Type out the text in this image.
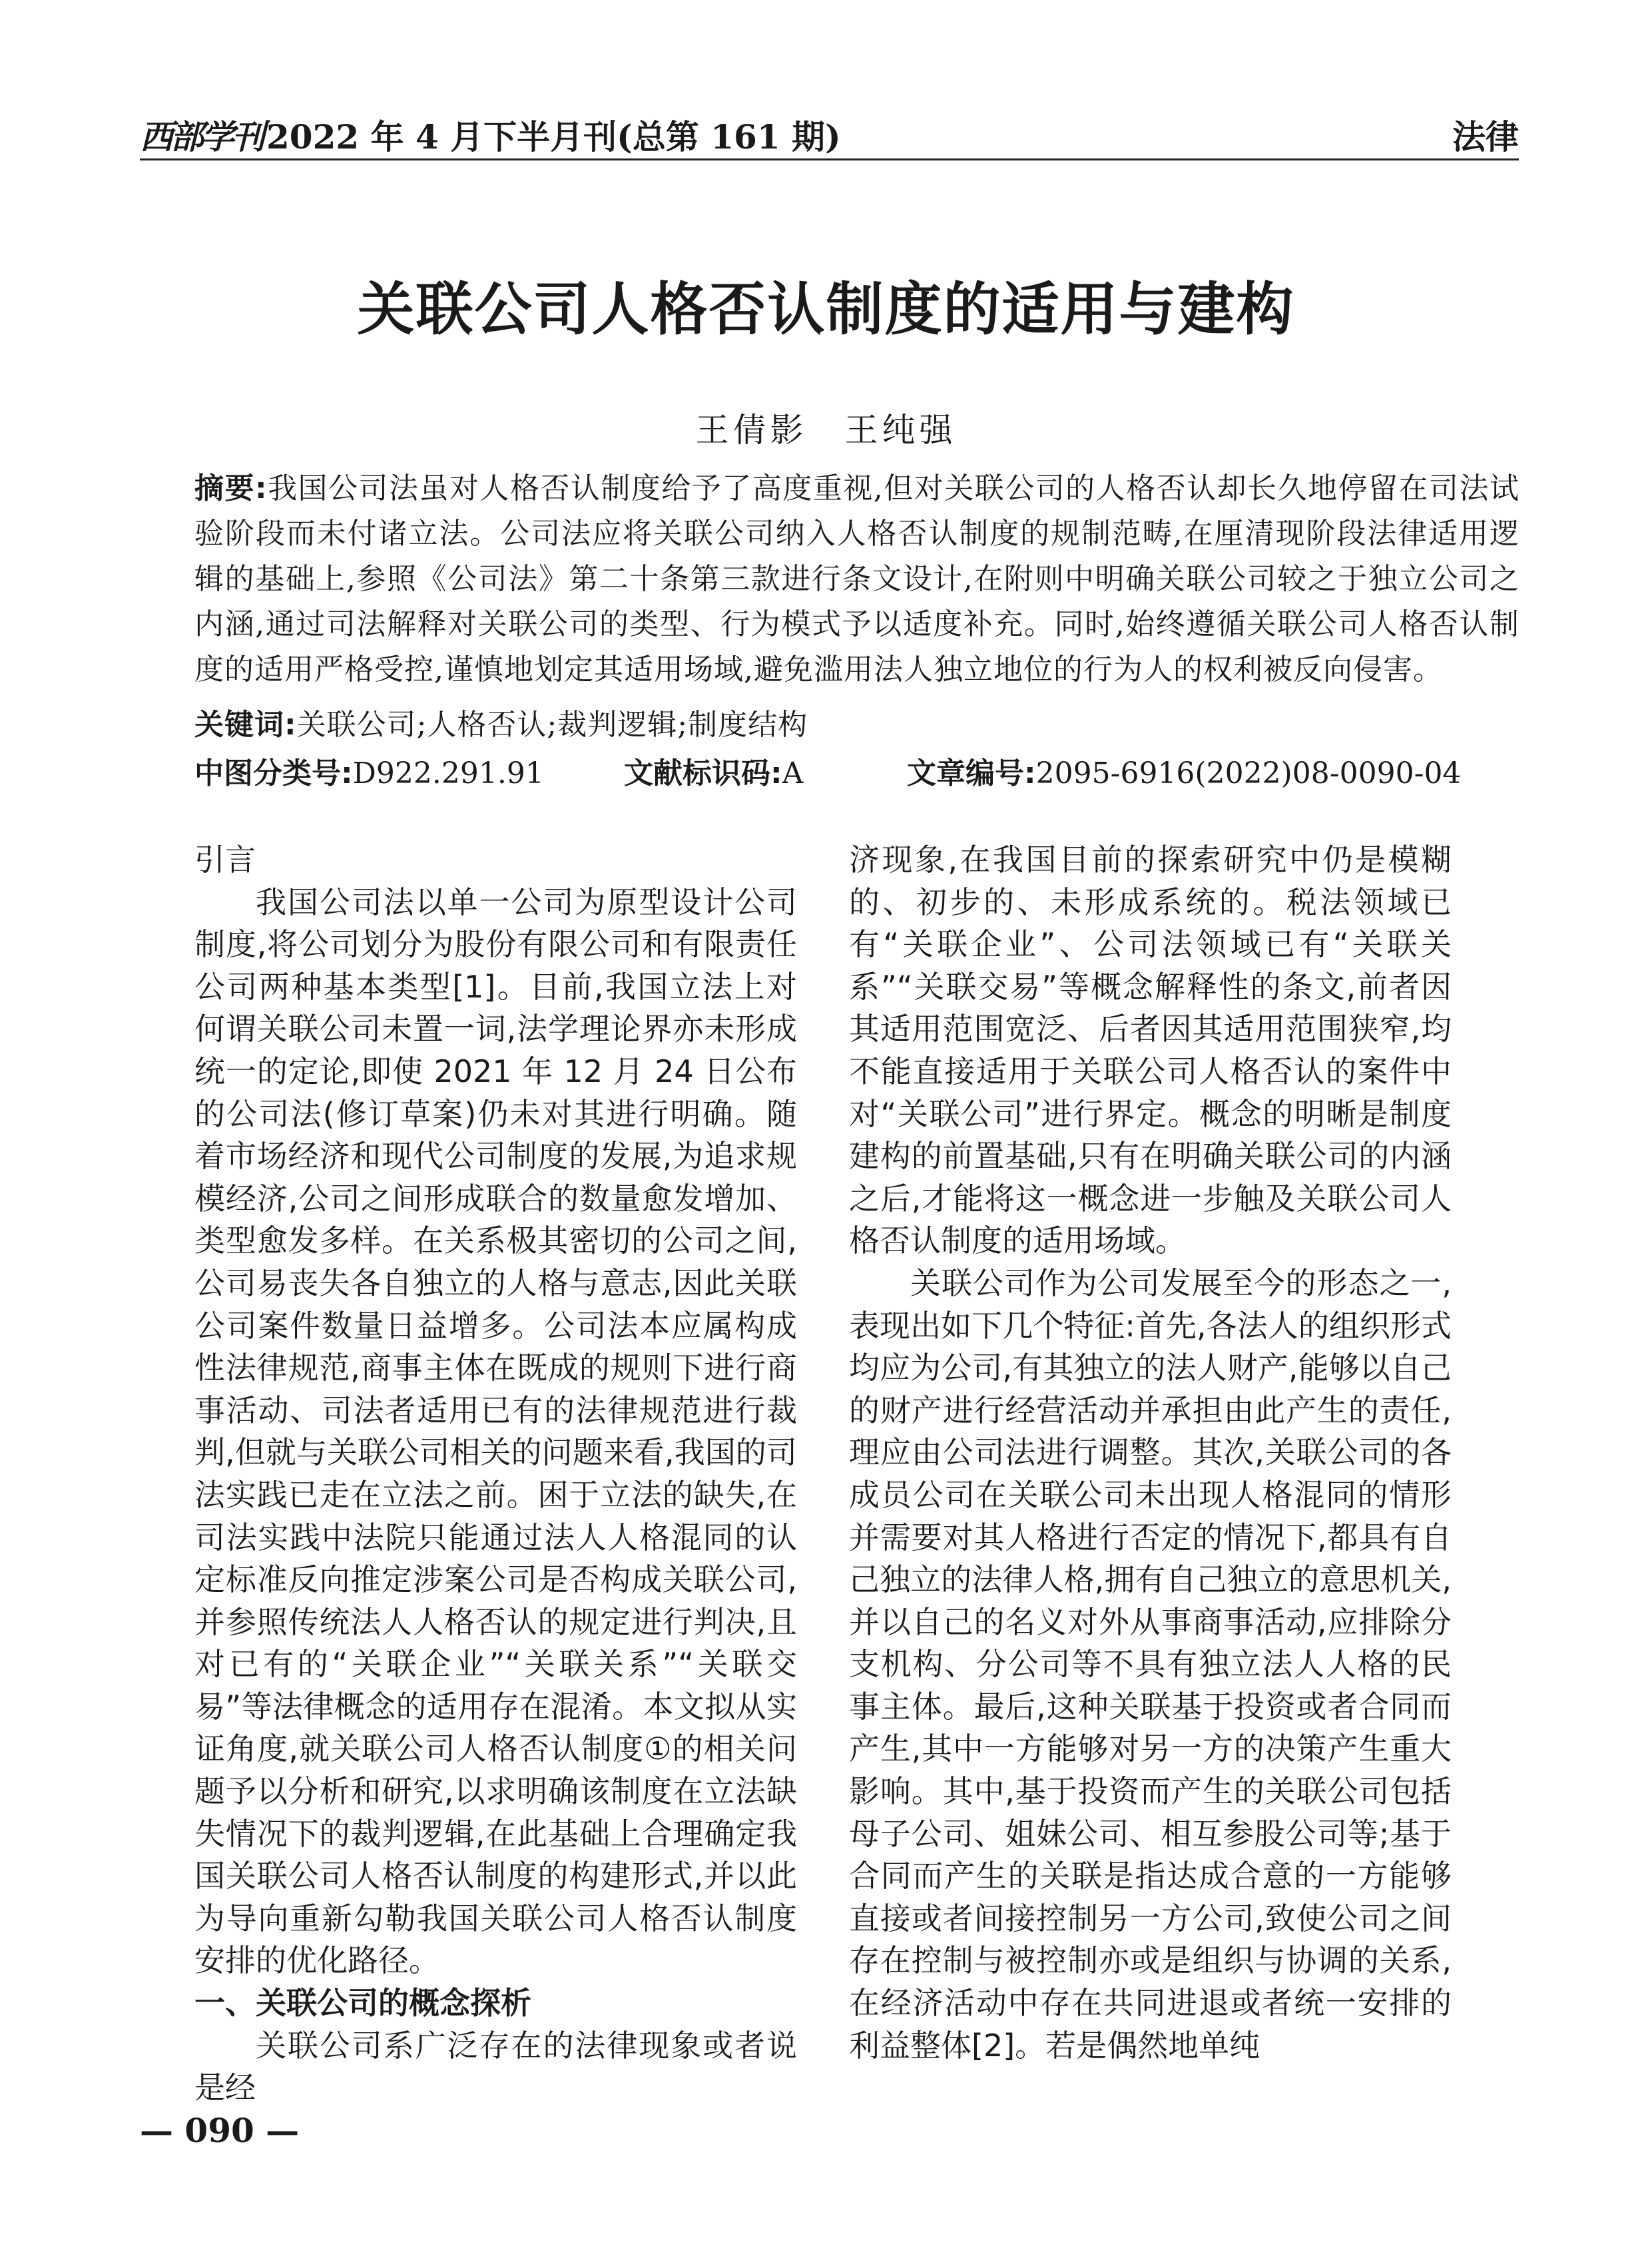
西部学刊 2022 年 4 月下半月刊(总第 161 期)	法律
关联公司人格否认制度的适用与建构
王倩影　王纯强
摘要:我国公司法虽对人格否认制度给予了高度重视,但对关联公司的人格否认却长久地停留在司法试验阶段而未付诸立法。公司法应将关联公司纳入人格否认制度的规制范畴,在厘清现阶段法律适用逻辑的基础上,参照《公司法》第二十条第三款进行条文设计,在附则中明确关联公司较之于独立公司之内涵,通过司法解释对关联公司的类型、行为模式予以适度补充。同时,始终遵循关联公司人格否认制度的适用严格受控,谨慎地划定其适用场域,避免滥用法人独立地位的行为人的权利被反向侵害。
关键词:关联公司;人格否认;裁判逻辑;制度结构
中图分类号:D922.291.91	文献标识码:A	文章编号:2095-6916(2022)08-0090-04
引言

我国公司法以单一公司为原型设计公司制度,将公司划分为股份有限公司和有限责任公司两种基本类型[1]。目前,我国立法上对何谓关联公司未置一词,法学理论界亦未形成统一的定论,即使 2021 年 12 月 24 日公布的公司法(修订草案)仍未对其进行明确。随着市场经济和现代公司制度的发展,为追求规模经济,公司之间形成联合的数量愈发增加、类型愈发多样。在关系极其密切的公司之间,公司易丧失各自独立的人格与意志,因此关联公司案件数量日益增多。公司法本应属构成性法律规范,商事主体在既成的规则下进行商事活动、司法者适用已有的法律规范进行裁判,但就与关联公司相关的问题来看,我国的司法实践已走在立法之前。困于立法的缺失,在司法实践中法院只能通过法人人格混同的认定标准反向推定涉案公司是否构成关联公司,并参照传统法人人格否认的规定进行判决,且对已有的“关联企业”“关联关系”“关联交易”等法律概念的适用存在混淆。本文拟从实证角度,就关联公司人格否认制度①的相关问题予以分析和研究,以求明确该制度在立法缺失情况下的裁判逻辑,在此基础上合理确定我国关联公司人格否认制度的构建形式,并以此为导向重新勾勒我国关联公司人格否认制度安排的优化路径。

一、关联公司的概念探析

关联公司系广泛存在的法律现象或者说是经

济现象,在我国目前的探索研究中仍是模糊的、初步的、未形成系统的。税法领域已有“关联企业”、公司法领域已有“关联关系”“关联交易”等概念解释性的条文,前者因其适用范围宽泛、后者因其适用范围狭窄,均不能直接适用于关联公司人格否认的案件中对“关联公司”进行界定。概念的明晰是制度建构的前置基础,只有在明确关联公司的内涵之后,才能将这一概念进一步触及关联公司人格否认制度的适用场域。

关联公司作为公司发展至今的形态之一,表现出如下几个特征:首先,各法人的组织形式均应为公司,有其独立的法人财产,能够以自己的财产进行经营活动并承担由此产生的责任,理应由公司法进行调整。其次,关联公司的各成员公司在关联公司未出现人格混同的情形并需要对其人格进行否定的情况下,都具有自己独立的法律人格,拥有自己独立的意思机关,并以自己的名义对外从事商事活动,应排除分支机构、分公司等不具有独立法人人格的民事主体。最后,这种关联基于投资或者合同而产生,其中一方能够对另一方的决策产生重大影响。其中,基于投资而产生的关联公司包括母子公司、姐妹公司、相互参股公司等;基于合同而产生的关联是指达成合意的一方能够直接或者间接控制另一方公司,致使公司之间存在控制与被控制亦或是组织与协调的关系,在经济活动中存在共同进退或者统一安排的利益整体[2]。若是偶然地单纯

— 090 —
